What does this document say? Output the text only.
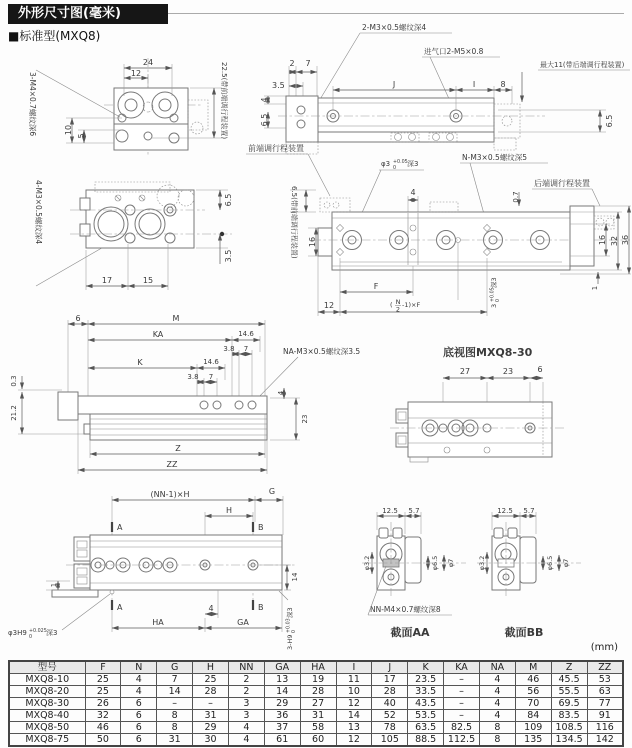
外形尺寸图(毫米)
■标准型(MXQ8)
(mm)
24
12
10
5
3-M4×0.7螺纹深6	22.5(带前端调行程装置)
2-M3×0.5螺纹深4
进气口2-M5×0.8
2 7
3.5
4
6.5
J	I	8
最大11(带后端调行程装置)
6.5
前端调行程装置
4-M3×0.5螺纹深4	6.5
3.5
17	15
6.5(带前端调行程装置) 16
φ3 +0.05
0
深3
N-M3×0.5螺纹深5
后端调行程装置
4	0.7
16 32 36
1
F
12	( N
2
-1)×F	3
+0.05 0
深3
底视图MXQ8-30
27	23	6
6	M
KA	14.6
3.8 7
K	14.6
3.8 7
NA-M3×0.5螺纹深3.5
0.3
21.2
4
23
Z
ZZ
(NN-1)×H	G
H
A
A
B
B
1
14
4
HA	GA
φ3H9 +0.025
0
深3
3-H9
+0.03 0
深3
12.5 5.7
φ3.2	φ6.5 φ7
NN-M4×0.7螺纹深8
截面AA
12.5 5.7
φ3.2	φ6.5 φ7
截面BB
型号	F	N	G	H	NN	GA	HA	I	J	K	KA	NA	M	Z	ZZ
MXQ8-10	25	4	7	25	2	13	19	11	17	23.5	–	4	46	45.5	53
MXQ8-20	25	4	14	28	2	14	28	10	28	33.5	–	4	56	55.5	63
MXQ8-30	26	6	–	–	3	29	27	12	40	43.5	–	4	70	69.5	77
MXQ8-40	32	6	8	31	3	36	31	14	52	53.5	–	4	84	83.5	91
MXQ8-50	46	6	8	29	4	37	58	13	78	63.5	82.5	8	109	108.5	116
MXQ8-75	50	6	31	30	4	61	60	12	105	88.5	112.5	8	135	134.5	142
